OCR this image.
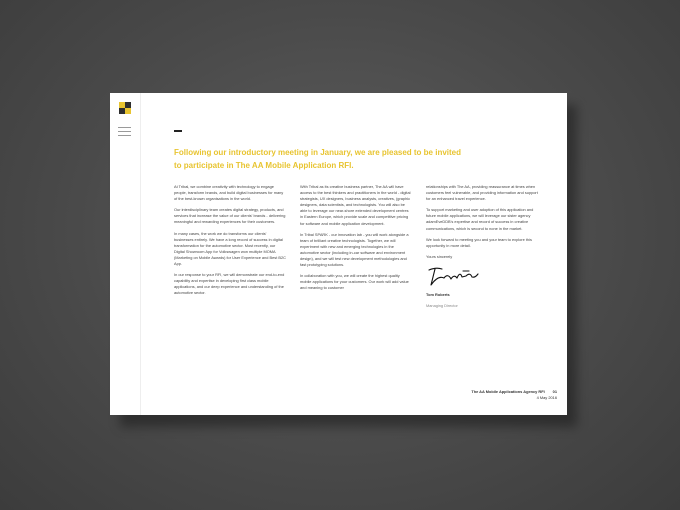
Following our introductory meeting in January, we are pleased to be invited to participate in The AA Mobile Application RFI.

At Tribal, we combine creativity with technology to engage people, transform brands, and build digital businesses for many of the best-known organisations in the world.

Our interdisciplinary team creates digital strategy, products, and services that increase the value of our clients' brands - delivering meaningful and rewarding experiences for their customers.

In many cases, the work we do transforms our clients' businesses entirely. We have a long record of success in digital transformation for the automotive sector. Most recently, our Digital Showroom App for Volkswagen won multiple MOMA (Marketing on Mobile Awards) for User Experience and Best B2C App.

In our response to your RFI, we will demonstrate our end-to-end capability and expertise in developing first class mobile applications, and our deep experience and understanding of the automotive sector.

With Tribal as its creative business partner, The AA will have access to the best thinkers and practitioners in the world - digital strategists, UX designers, business analysts, creatives, (graphic designers, data scientists, and technologists. You will also be able to leverage our near-shore extended development centres in Eastern Europe, which provide scale and competitive pricing for software and mobile application development.

In Tribal SPARK - our innovation lab - you will work alongside a team of brilliant creative technologists. Together, we will experiment with new and emerging technologies in the automotive sector (including in-car software and environment design), and we will test new development methodologies and fast prototyping solutions.

In collaboration with you, we will create the highest quality mobile applications for your customers. Our work will add value and meaning to customer

relationships with The AA, providing reassurance at times when customers feel vulnerable, and providing information and support for an enhanced travel experience.

To support marketing and user adoption of this application and future mobile applications, we will leverage our sister agency adamEveDDB's expertise and record of success in creative communications, which is second to none in the market.

We look forward to meeting you and your team to explore this opportunity in more detail.

Yours sincerely

Tom Roberts

Managing Director

The AA Mobile Applications Agency RFI 01
4 May 2016
